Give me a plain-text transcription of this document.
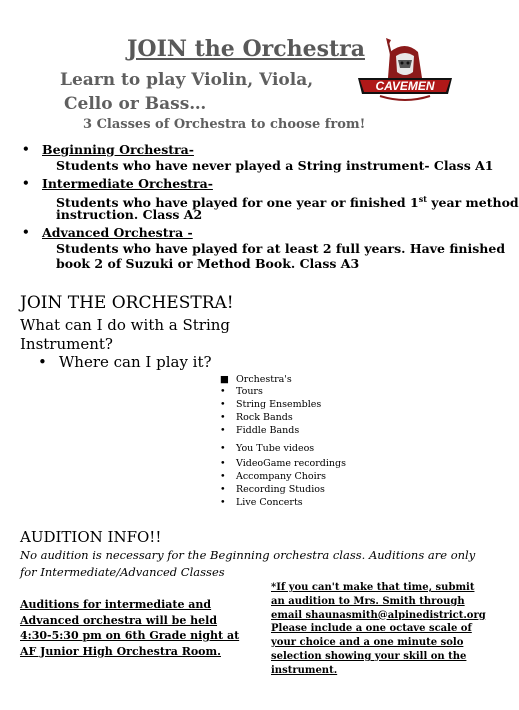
JOIN the Orchestra
Learn to play Violin, Viola,
Cello or Bass…
3 Classes of Orchestra to choose from!
CAVEMEN
• Beginning Orchestra-
Students who have never played a String instrument- Class A1
• Intermediate Orchestra-
Students who have played for one year or finished 1st year method
instruction. Class A2
• Advanced Orchestra -
Students who have played for at least 2 full years. Have finished
book 2 of Suzuki or Method Book. Class A3
JOIN THE ORCHESTRA!
What can I do with a String
Instrument?
• Where can I play it?
■ Orchestra's
• Tours
• String Ensembles
• Rock Bands
• Fiddle Bands
• You Tube videos
• VideoGame recordings
• Accompany Choirs
• Recording Studios
• Live Concerts
AUDITION INFO!!
No audition is necessary for the Beginning orchestra class. Auditions are only for Intermediate/Advanced Classes
Auditions for intermediate and Advanced orchestra will be held 4:30-5:30 pm on 6th Grade night at AF Junior High Orchestra Room.
*If you can't make that time, submit an audition to Mrs. Smith through email shaunasmith@alpinedistrict.org Please include a one octave scale of your choice and a one minute solo selection showing your skill on the instrument.
